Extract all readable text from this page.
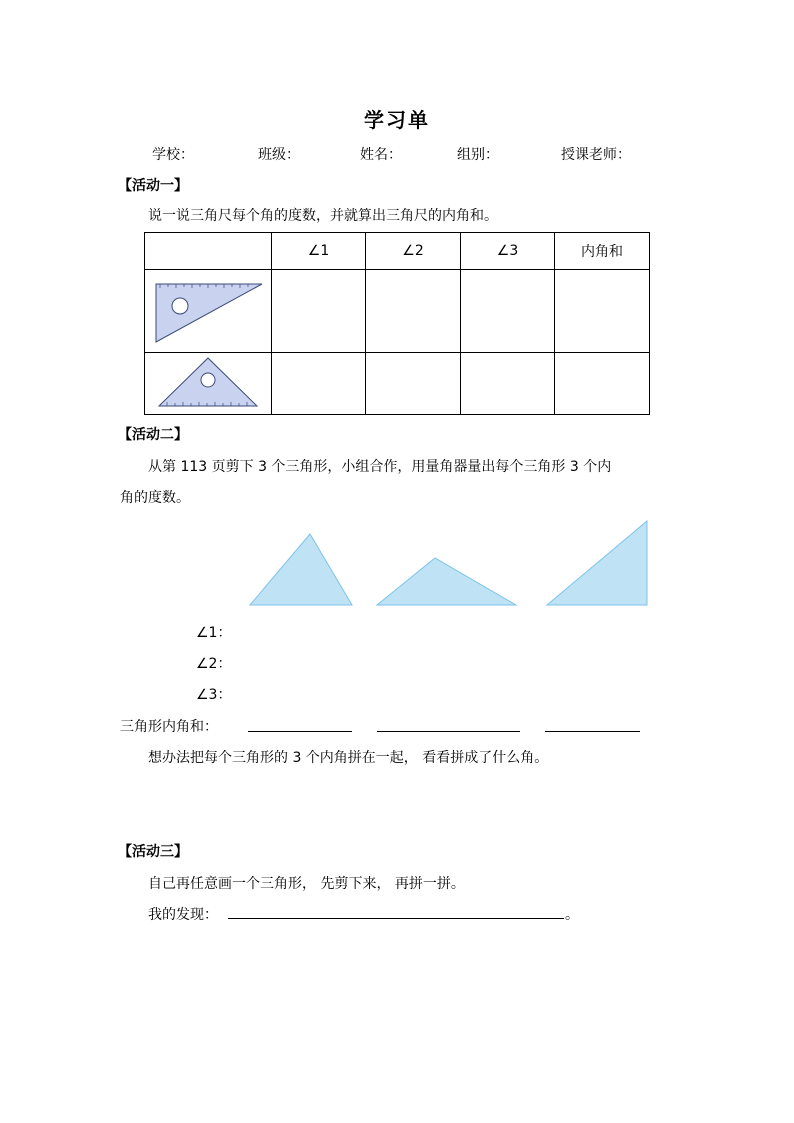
学习单
学校：	班级：	姓名：	组别：	授课老师：
【活动一】
说一说三角尺每个角的度数，并就算出三角尺的内角和。
	∠1	∠2	∠3	内角和

【活动二】
从第 113 页剪下 3 个三角形，小组合作，用量角器量出每个三角形 3 个内
角的度数。
∠1：
∠2：
∠3：
三角形内角和：
想办法把每个三角形的 3 个内角拼在一起， 看看拼成了什么角。
【活动三】
自己再任意画一个三角形， 先剪下来， 再拼一拼。
我的发现：	。
